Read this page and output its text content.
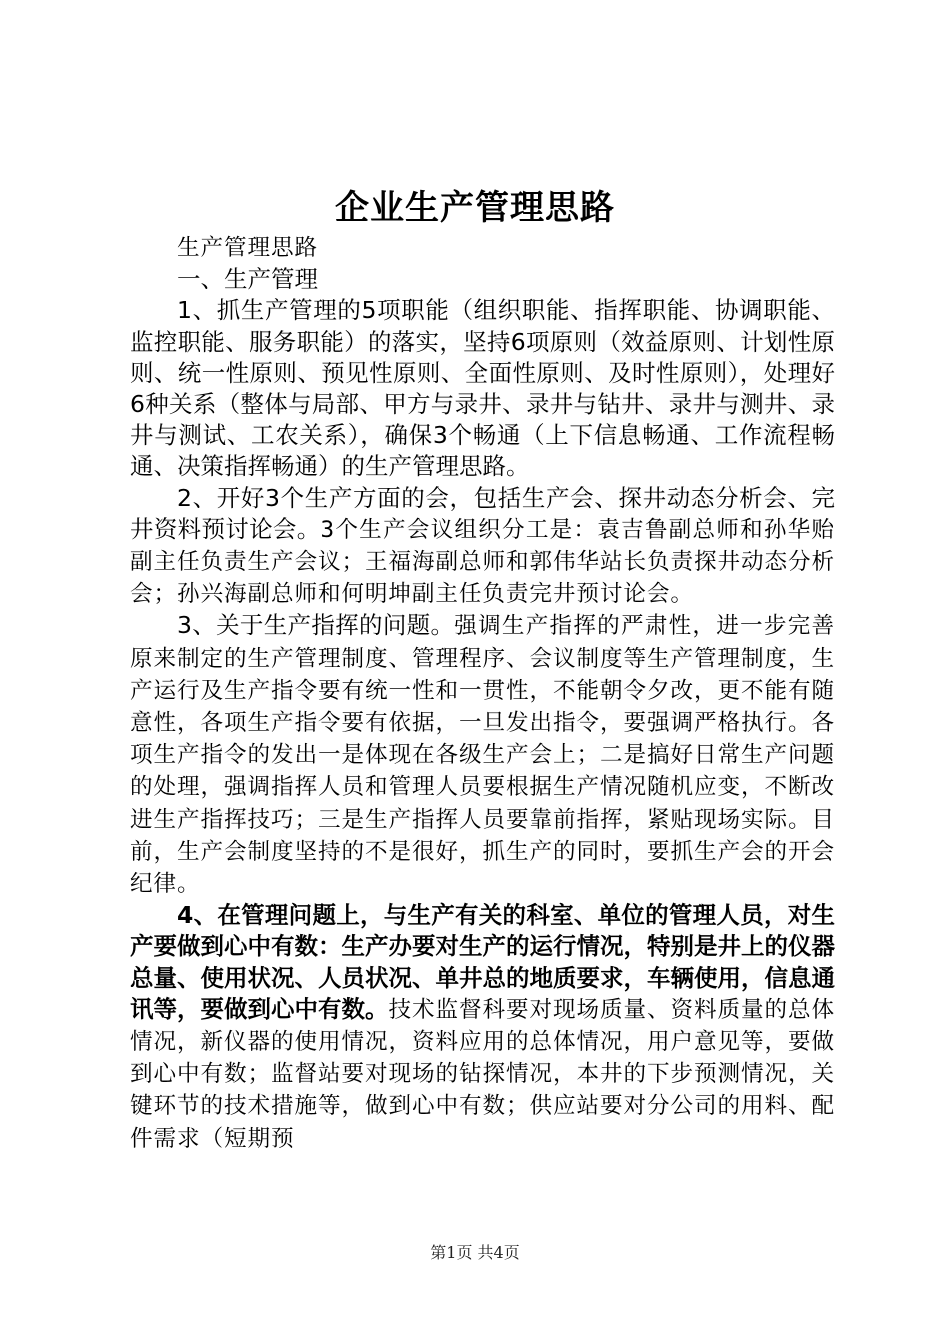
企业生产管理思路
生产管理思路
一、生产管理

1、抓生产管理的5项职能（组织职能、指挥职能、协调职能、监控职能、服务职能）的落实，坚持6项原则（效益原则、计划性原则、统一性原则、预见性原则、全面性原则、及时性原则），处理好6种关系（整体与局部、甲方与录井、录井与钻井、录井与测井、录井与测试、工农关系），确保3个畅通（上下信息畅通、工作流程畅通、决策指挥畅通）的生产管理思路。

2、开好3个生产方面的会，包括生产会、探井动态分析会、完井资料预讨论会。3个生产会议组织分工是：袁吉鲁副总师和孙华贻副主任负责生产会议；王福海副总师和郭伟华站长负责探井动态分析会；孙兴海副总师和何明坤副主任负责完井预讨论会。

3、关于生产指挥的问题。强调生产指挥的严肃性，进一步完善原来制定的生产管理制度、管理程序、会议制度等生产管理制度，生产运行及生产指令要有统一性和一贯性，不能朝令夕改，更不能有随意性，各项生产指令要有依据，一旦发出指令，要强调严格执行。各项生产指令的发出一是体现在各级生产会上；二是搞好日常生产问题的处理，强调指挥人员和管理人员要根据生产情况随机应变，不断改进生产指挥技巧；三是生产指挥人员要靠前指挥，紧贴现场实际。目前，生产会制度坚持的不是很好，抓生产的同时，要抓生产会的开会纪律。

4、在管理问题上，与生产有关的科室、单位的管理人员，对生产要做到心中有数：生产办要对生产的运行情况，特别是井上的仪器总量、使用状况、人员状况、单井总的地质要求，车辆使用，信息通讯等，要做到心中有数。技术监督科要对现场质量、资料质量的总体情况，新仪器的使用情况，资料应用的总体情况，用户意见等，要做到心中有数；监督站要对现场的钻探情况，本井的下步预测情况，关键环节的技术措施等，做到心中有数；供应站要对分公司的用料、配件需求（短期预

第1页 共4页
